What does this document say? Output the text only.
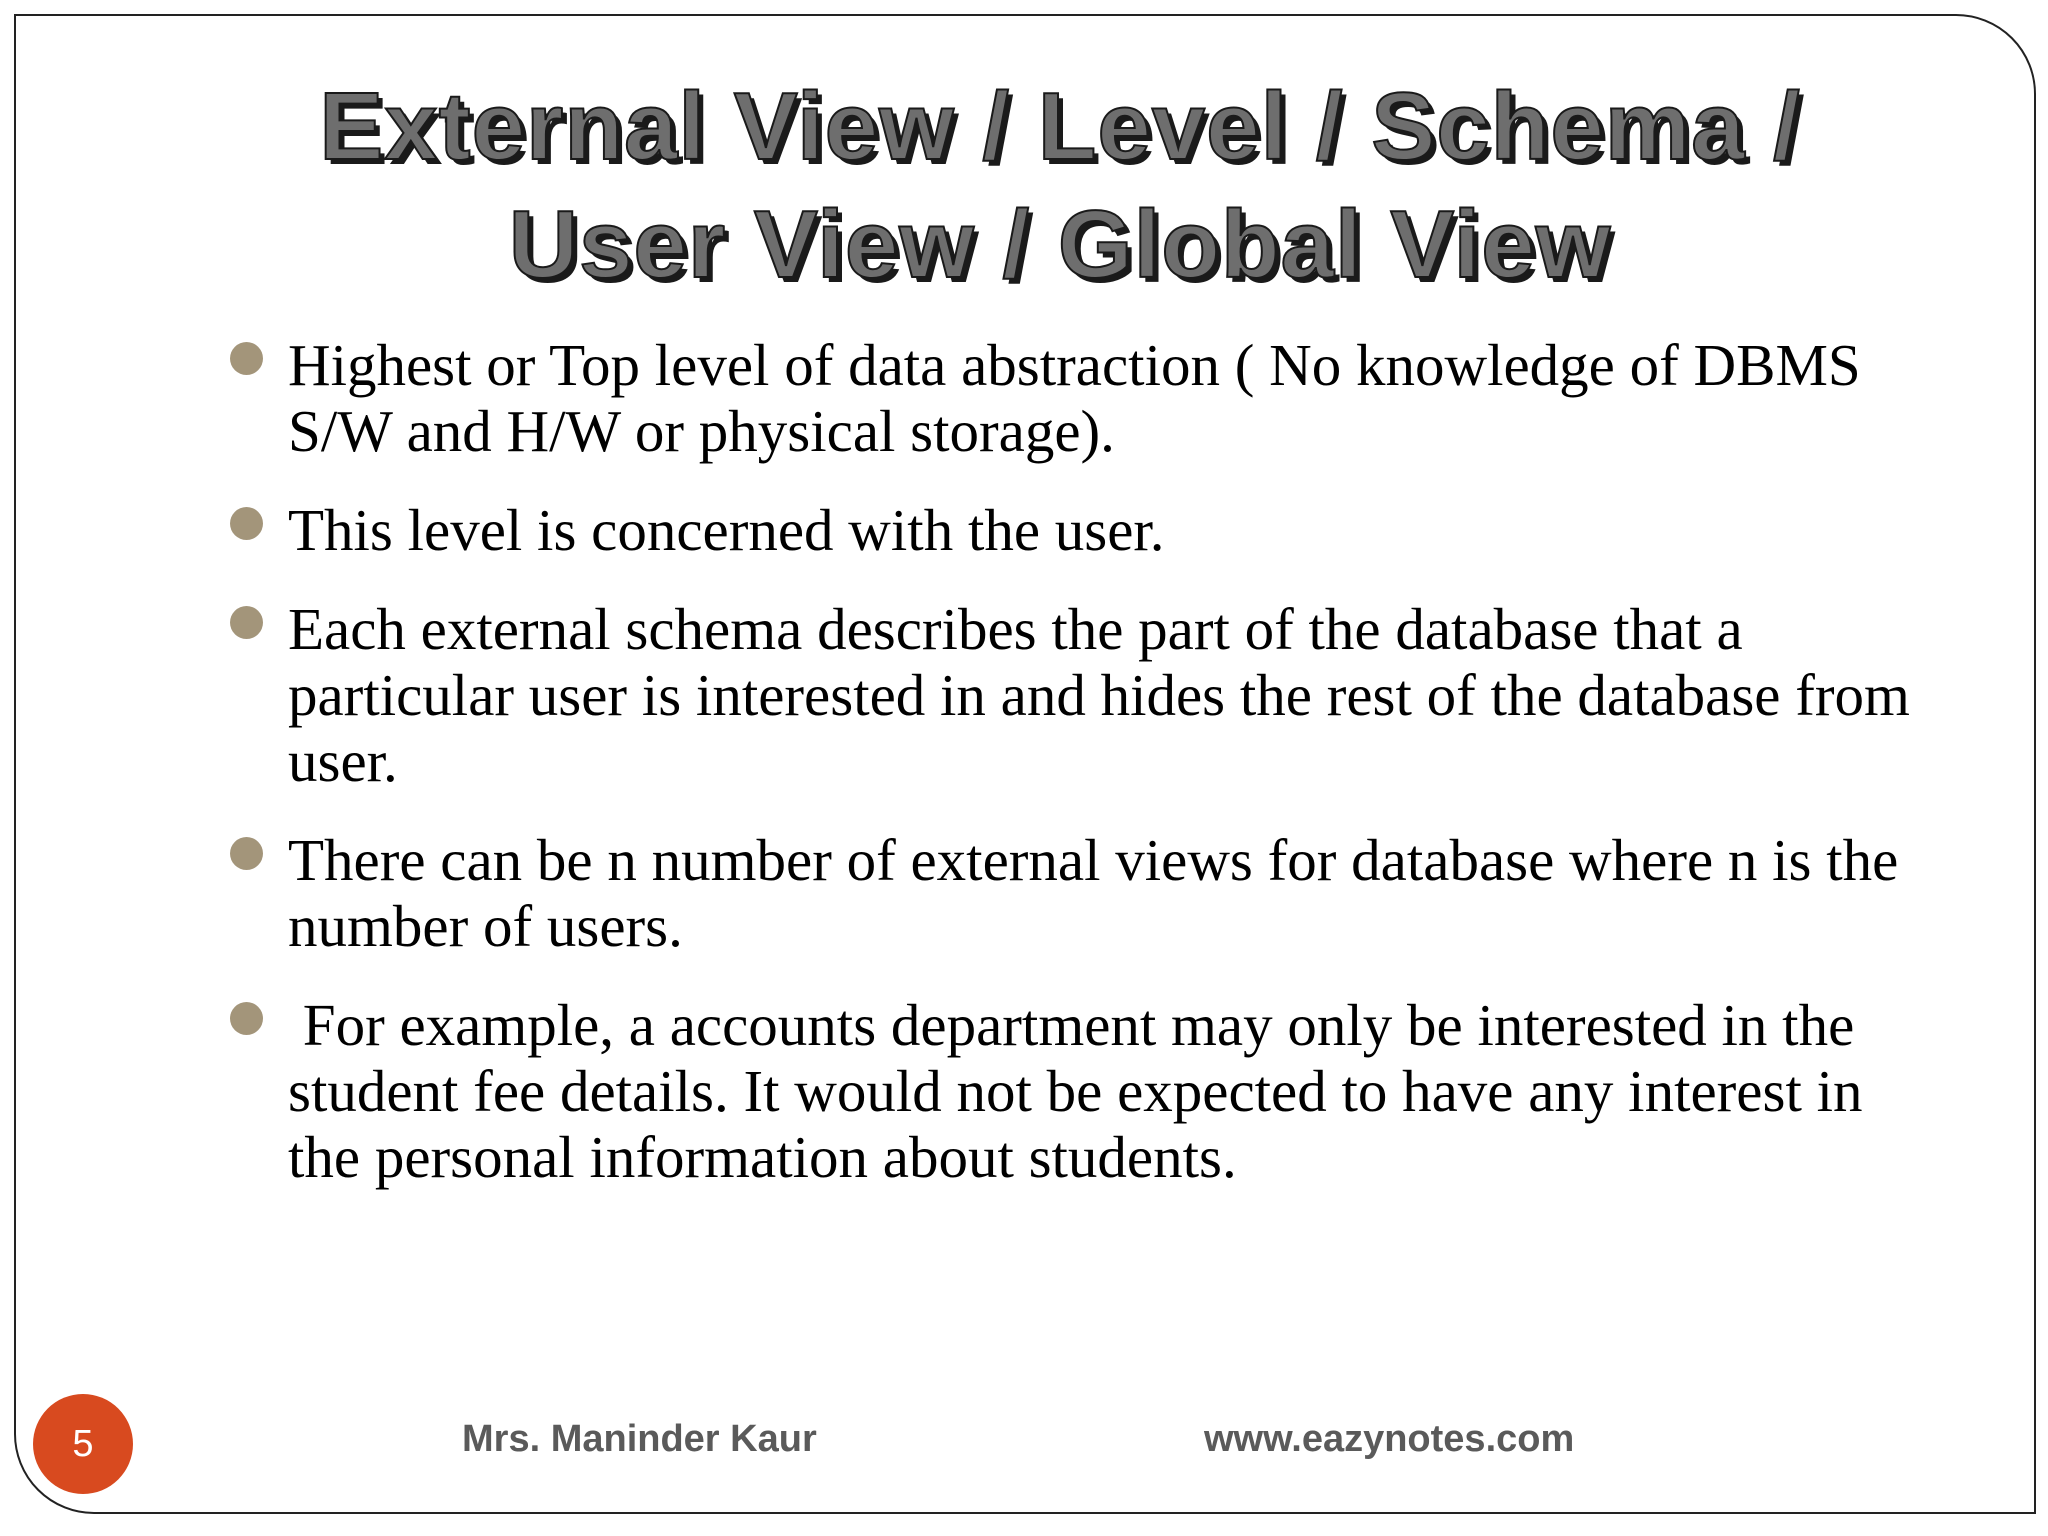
External View / Level / Schema /
User View / Global View
Highest or Top level of data abstraction ( No knowledge of DBMS S/W and H/W or physical storage).
This level is concerned with the user.
Each external schema describes the part of the database that a particular user is interested in and hides the rest of the database from user.
There can be n number of external views for database where n is the number of users.
For example, a accounts department may only be interested in the student fee details. It would not be expected to have any interest in the personal information about students.
5	Mrs. Maninder Kaur	www.eazynotes.com
